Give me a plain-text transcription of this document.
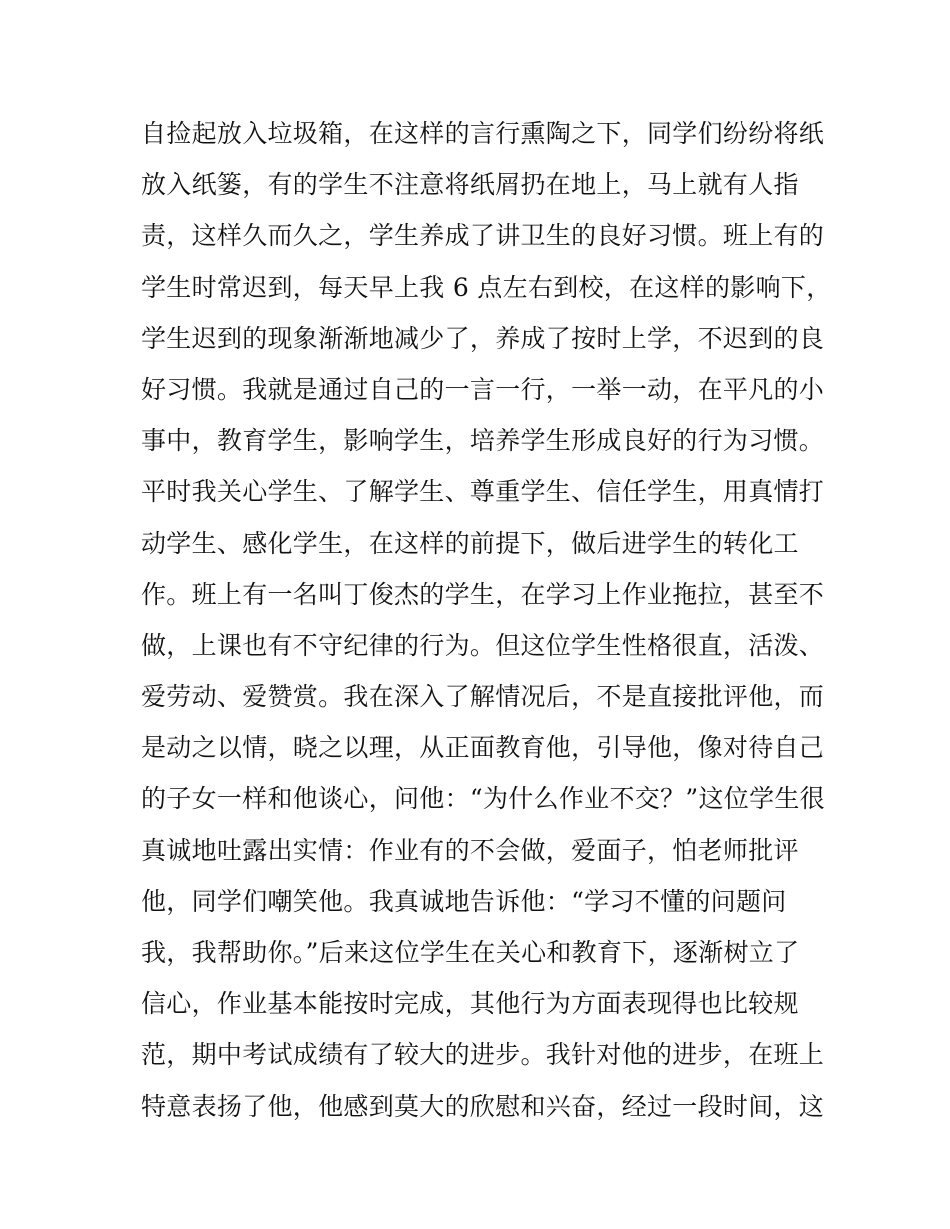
自捡起放入垃圾箱，在这样的言行熏陶之下，同学们纷纷将纸
放入纸篓，有的学生不注意将纸屑扔在地上，马上就有人指
责，这样久而久之，学生养成了讲卫生的良好习惯。班上有的
学生时常迟到，每天早上我 6 点左右到校，在这样的影响下，
学生迟到的现象渐渐地减少了，养成了按时上学，不迟到的良
好习惯。我就是通过自己的一言一行，一举一动，在平凡的小
事中，教育学生，影响学生，培养学生形成良好的行为习惯。
平时我关心学生、了解学生、尊重学生、信任学生，用真情打
动学生、感化学生，在这样的前提下，做后进学生的转化工
作。班上有一名叫丁俊杰的学生，在学习上作业拖拉，甚至不
做，上课也有不守纪律的行为。但这位学生性格很直，活泼、
爱劳动、爱赞赏。我在深入了解情况后，不是直接批评他，而
是动之以情，晓之以理，从正面教育他，引导他，像对待自己
的子女一样和他谈心，问他：“为什么作业不交？”这位学生很
真诚地吐露出实情：作业有的不会做，爱面子，怕老师批评
他，同学们嘲笑他。我真诚地告诉他：“学习不懂的问题问
我，我帮助你。”后来这位学生在关心和教育下，逐渐树立了
信心，作业基本能按时完成，其他行为方面表现得也比较规
范，期中考试成绩有了较大的进步。我针对他的进步，在班上
特意表扬了他，他感到莫大的欣慰和兴奋，经过一段时间，这
